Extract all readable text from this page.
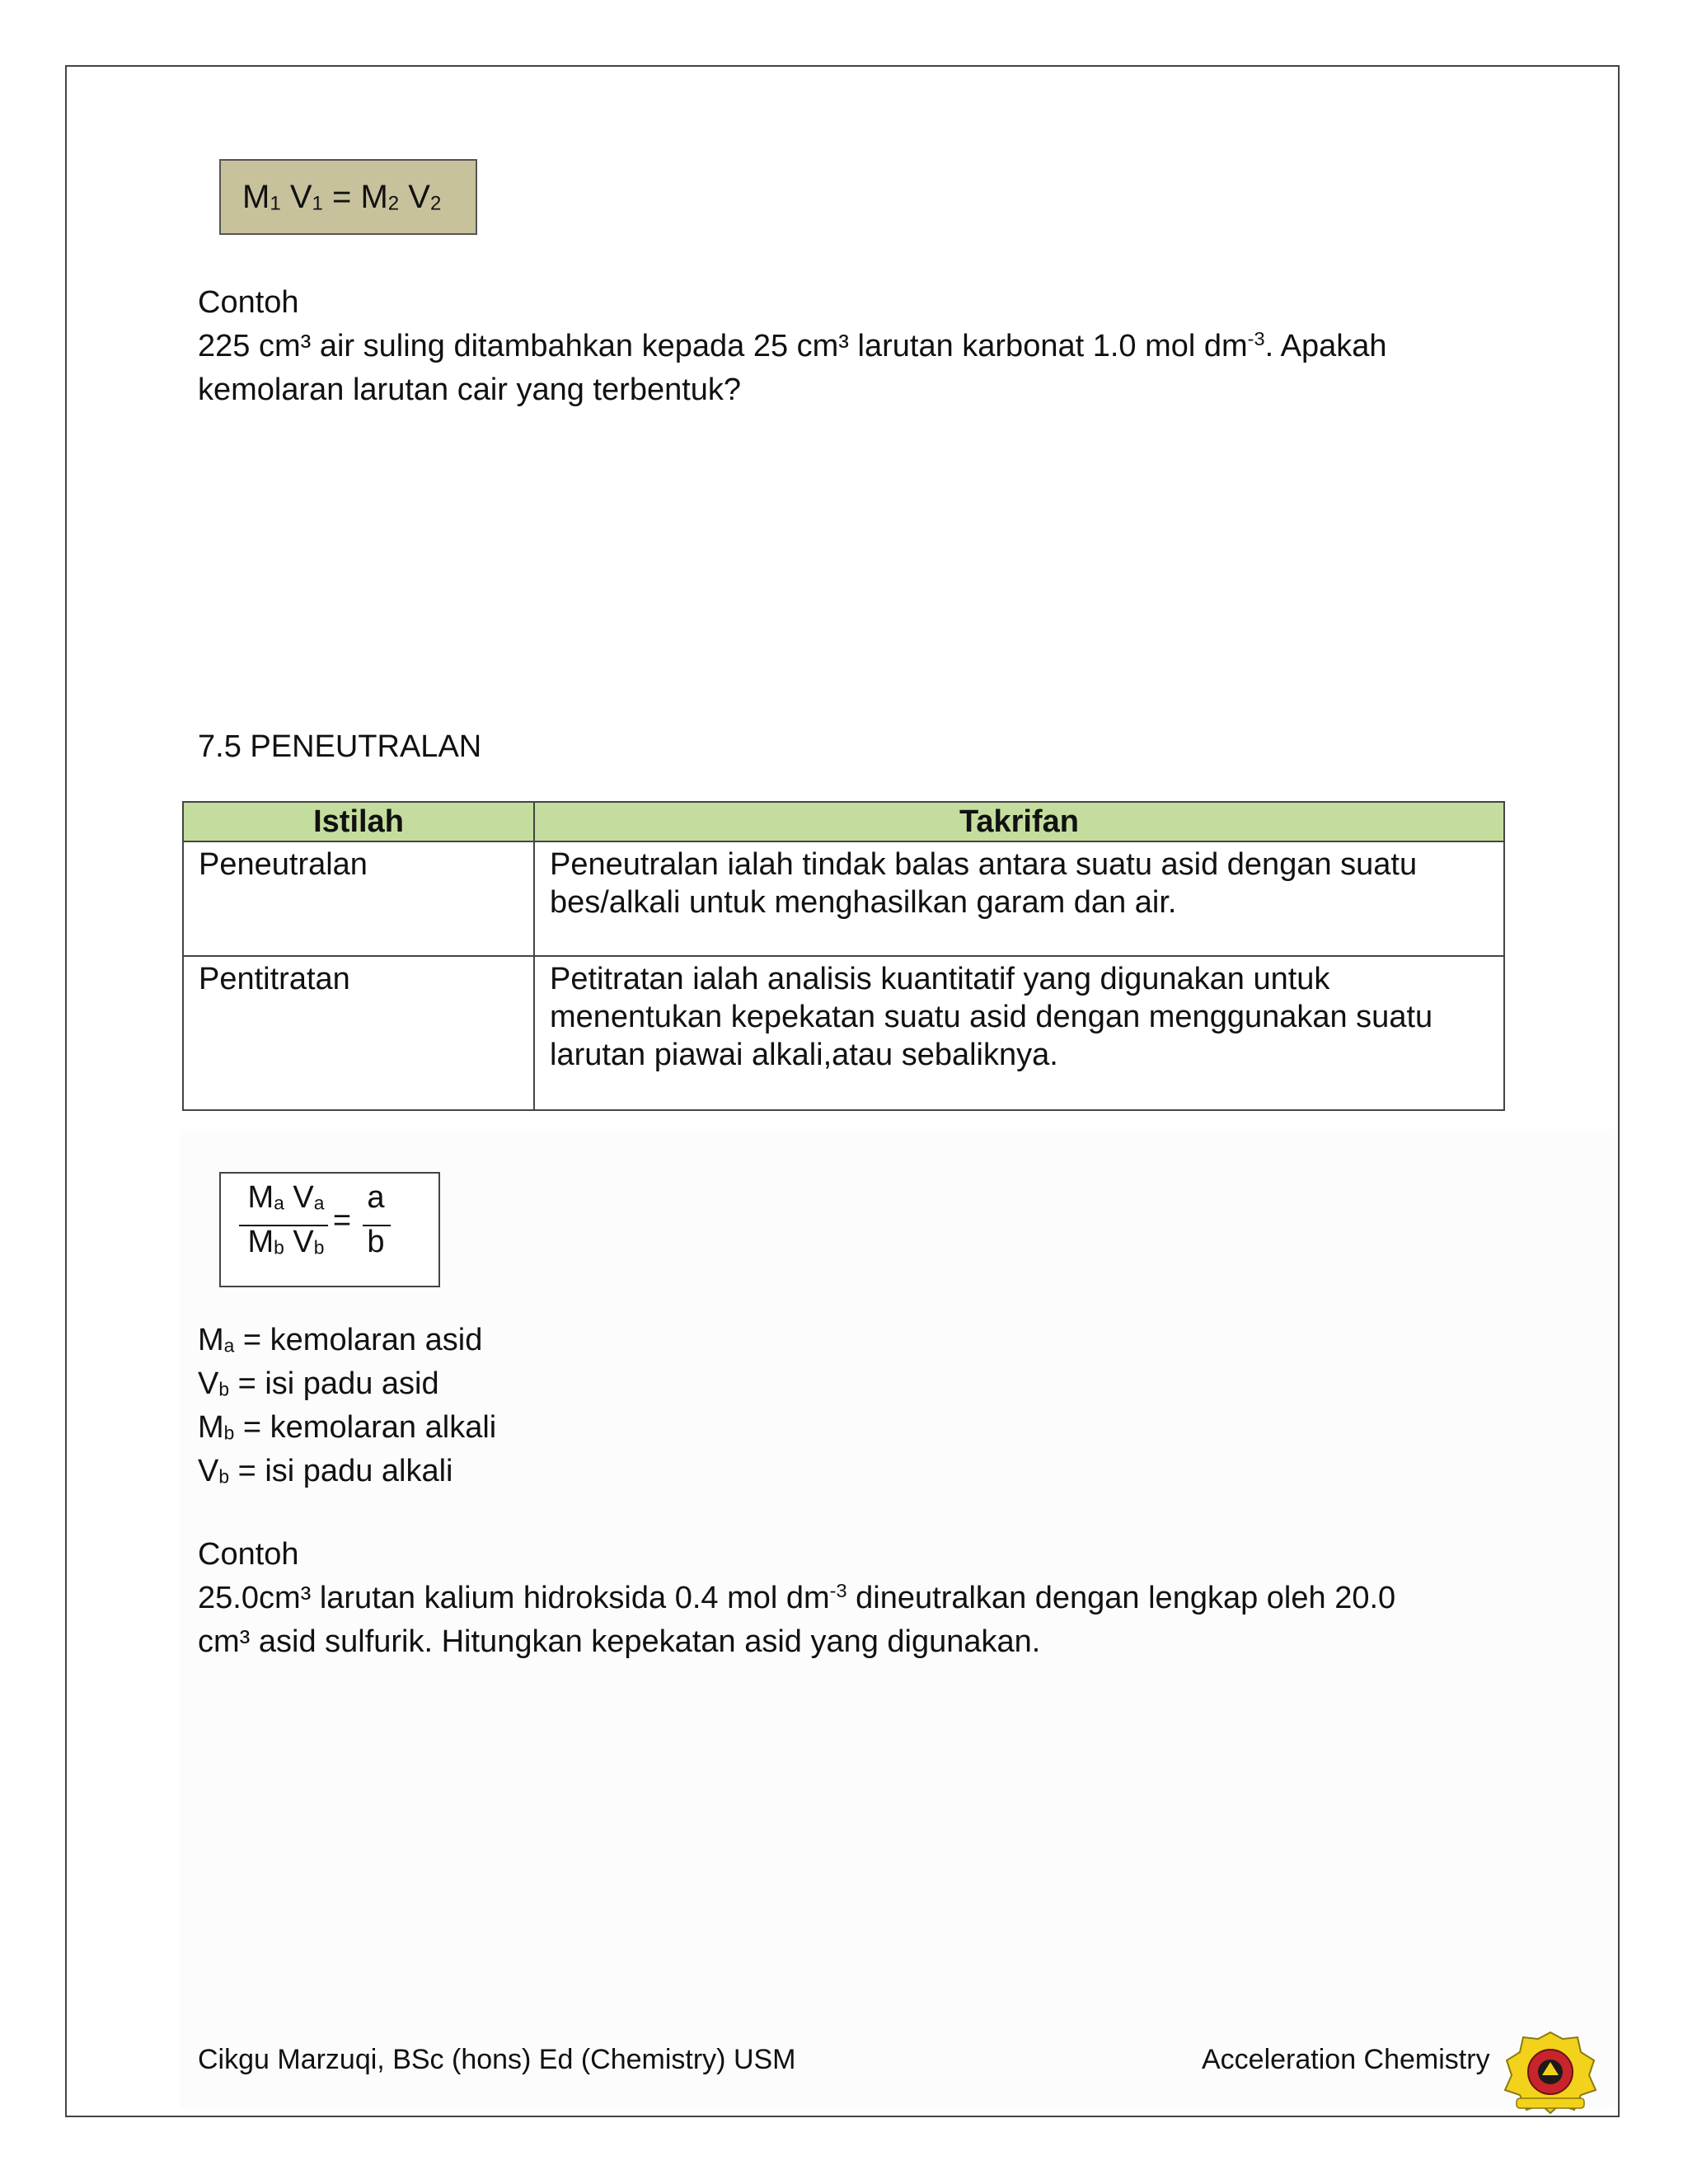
$M_1$ $V_1 = M_2$ $V_2$
Contoh
225 cm³ air suling ditambahkan kepada 25 cm³ larutan karbonat 1.0 mol $dm^{-3}$. Apakah
kemolaran larutan cair yang terbentuk?
7.5 PENEUTRALAN
Istilah	Takrifan
Peneutralan	Peneutralan ialah tindak balas antara suatu asid dengan suatu
bes/alkali untuk menghasilkan garam dan air.

Pentitratan	Petitratan ialah analisis kuantitatif yang digunakan untuk
menentukan kepekatan suatu asid dengan menggunakan suatu
larutan piawai alkali,atau sebaliknya.
$M_a$ $V_a$
$M_b$ $V_b$
=
a
b
$M_a$ = kemolaran asid
$V_b$ = isi padu asid
$M_b$ = kemolaran alkali
$V_b$ = isi padu alkali
Contoh
25.0cm³ larutan kalium hidroksida 0.4 mol $dm^{-3}$ dineutralkan dengan lengkap oleh 20.0
cm³ asid sulfurik. Hitungkan kepekatan asid yang digunakan.
Cikgu Marzuqi, BSc (hons) Ed (Chemistry) USM	Acceleration Chemistry
